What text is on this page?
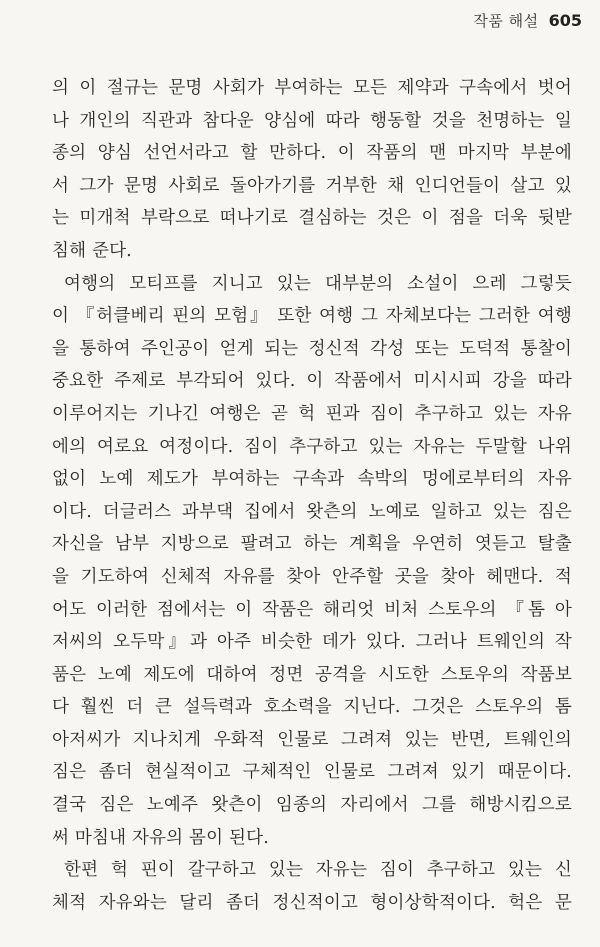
작품 해설 605
의 이 절규는 문명 사회가 부여하는 모든 제약과 구속에서 벗어
나 개인의 직관과 참다운 양심에 따라 행동할 것을 천명하는 일
종의 양심 선언서라고 할 만하다. 이 작품의 맨 마지막 부분에
서 그가 문명 사회로 돌아가기를 거부한 채 인디언들이 살고 있
는 미개척 부락으로 떠나기로 결심하는 것은 이 점을 더욱 뒷받
침해 준다.
여행의 모티프를 지니고 있는 대부분의 소설이 으레 그렇듯
이 『허클베리 핀의 모험』 또한 여행 그 자체보다는 그러한 여행
을 통하여 주인공이 얻게 되는 정신적 각성 또는 도덕적 통찰이
중요한 주제로 부각되어 있다. 이 작품에서 미시시피 강을 따라
이루어지는 기나긴 여행은 곧 헉 핀과 짐이 추구하고 있는 자유
에의 여로요 여정이다. 짐이 추구하고 있는 자유는 두말할 나위
없이 노예 제도가 부여하는 구속과 속박의 멍에로부터의 자유
이다. 더글러스 과부댁 집에서 왓츤의 노예로 일하고 있는 짐은
자신을 남부 지방으로 팔려고 하는 계획을 우연히 엿듣고 탈출
을 기도하여 신체적 자유를 찾아 안주할 곳을 찾아 헤맨다. 적
어도 이러한 점에서는 이 작품은 해리엇 비처 스토우의 『톰 아
저씨의 오두막』과 아주 비슷한 데가 있다. 그러나 트웨인의 작
품은 노예 제도에 대하여 정면 공격을 시도한 스토우의 작품보
다 훨씬 더 큰 설득력과 호소력을 지닌다. 그것은 스토우의 톰
아저씨가 지나치게 우화적 인물로 그려져 있는 반면, 트웨인의
짐은 좀더 현실적이고 구체적인 인물로 그려져 있기 때문이다.
결국 짐은 노예주 왓츤이 임종의 자리에서 그를 해방시킴으로
써 마침내 자유의 몸이 된다.
한편 헉 핀이 갈구하고 있는 자유는 짐이 추구하고 있는 신
체적 자유와는 달리 좀더 정신적이고 형이상학적이다. 헉은 문
